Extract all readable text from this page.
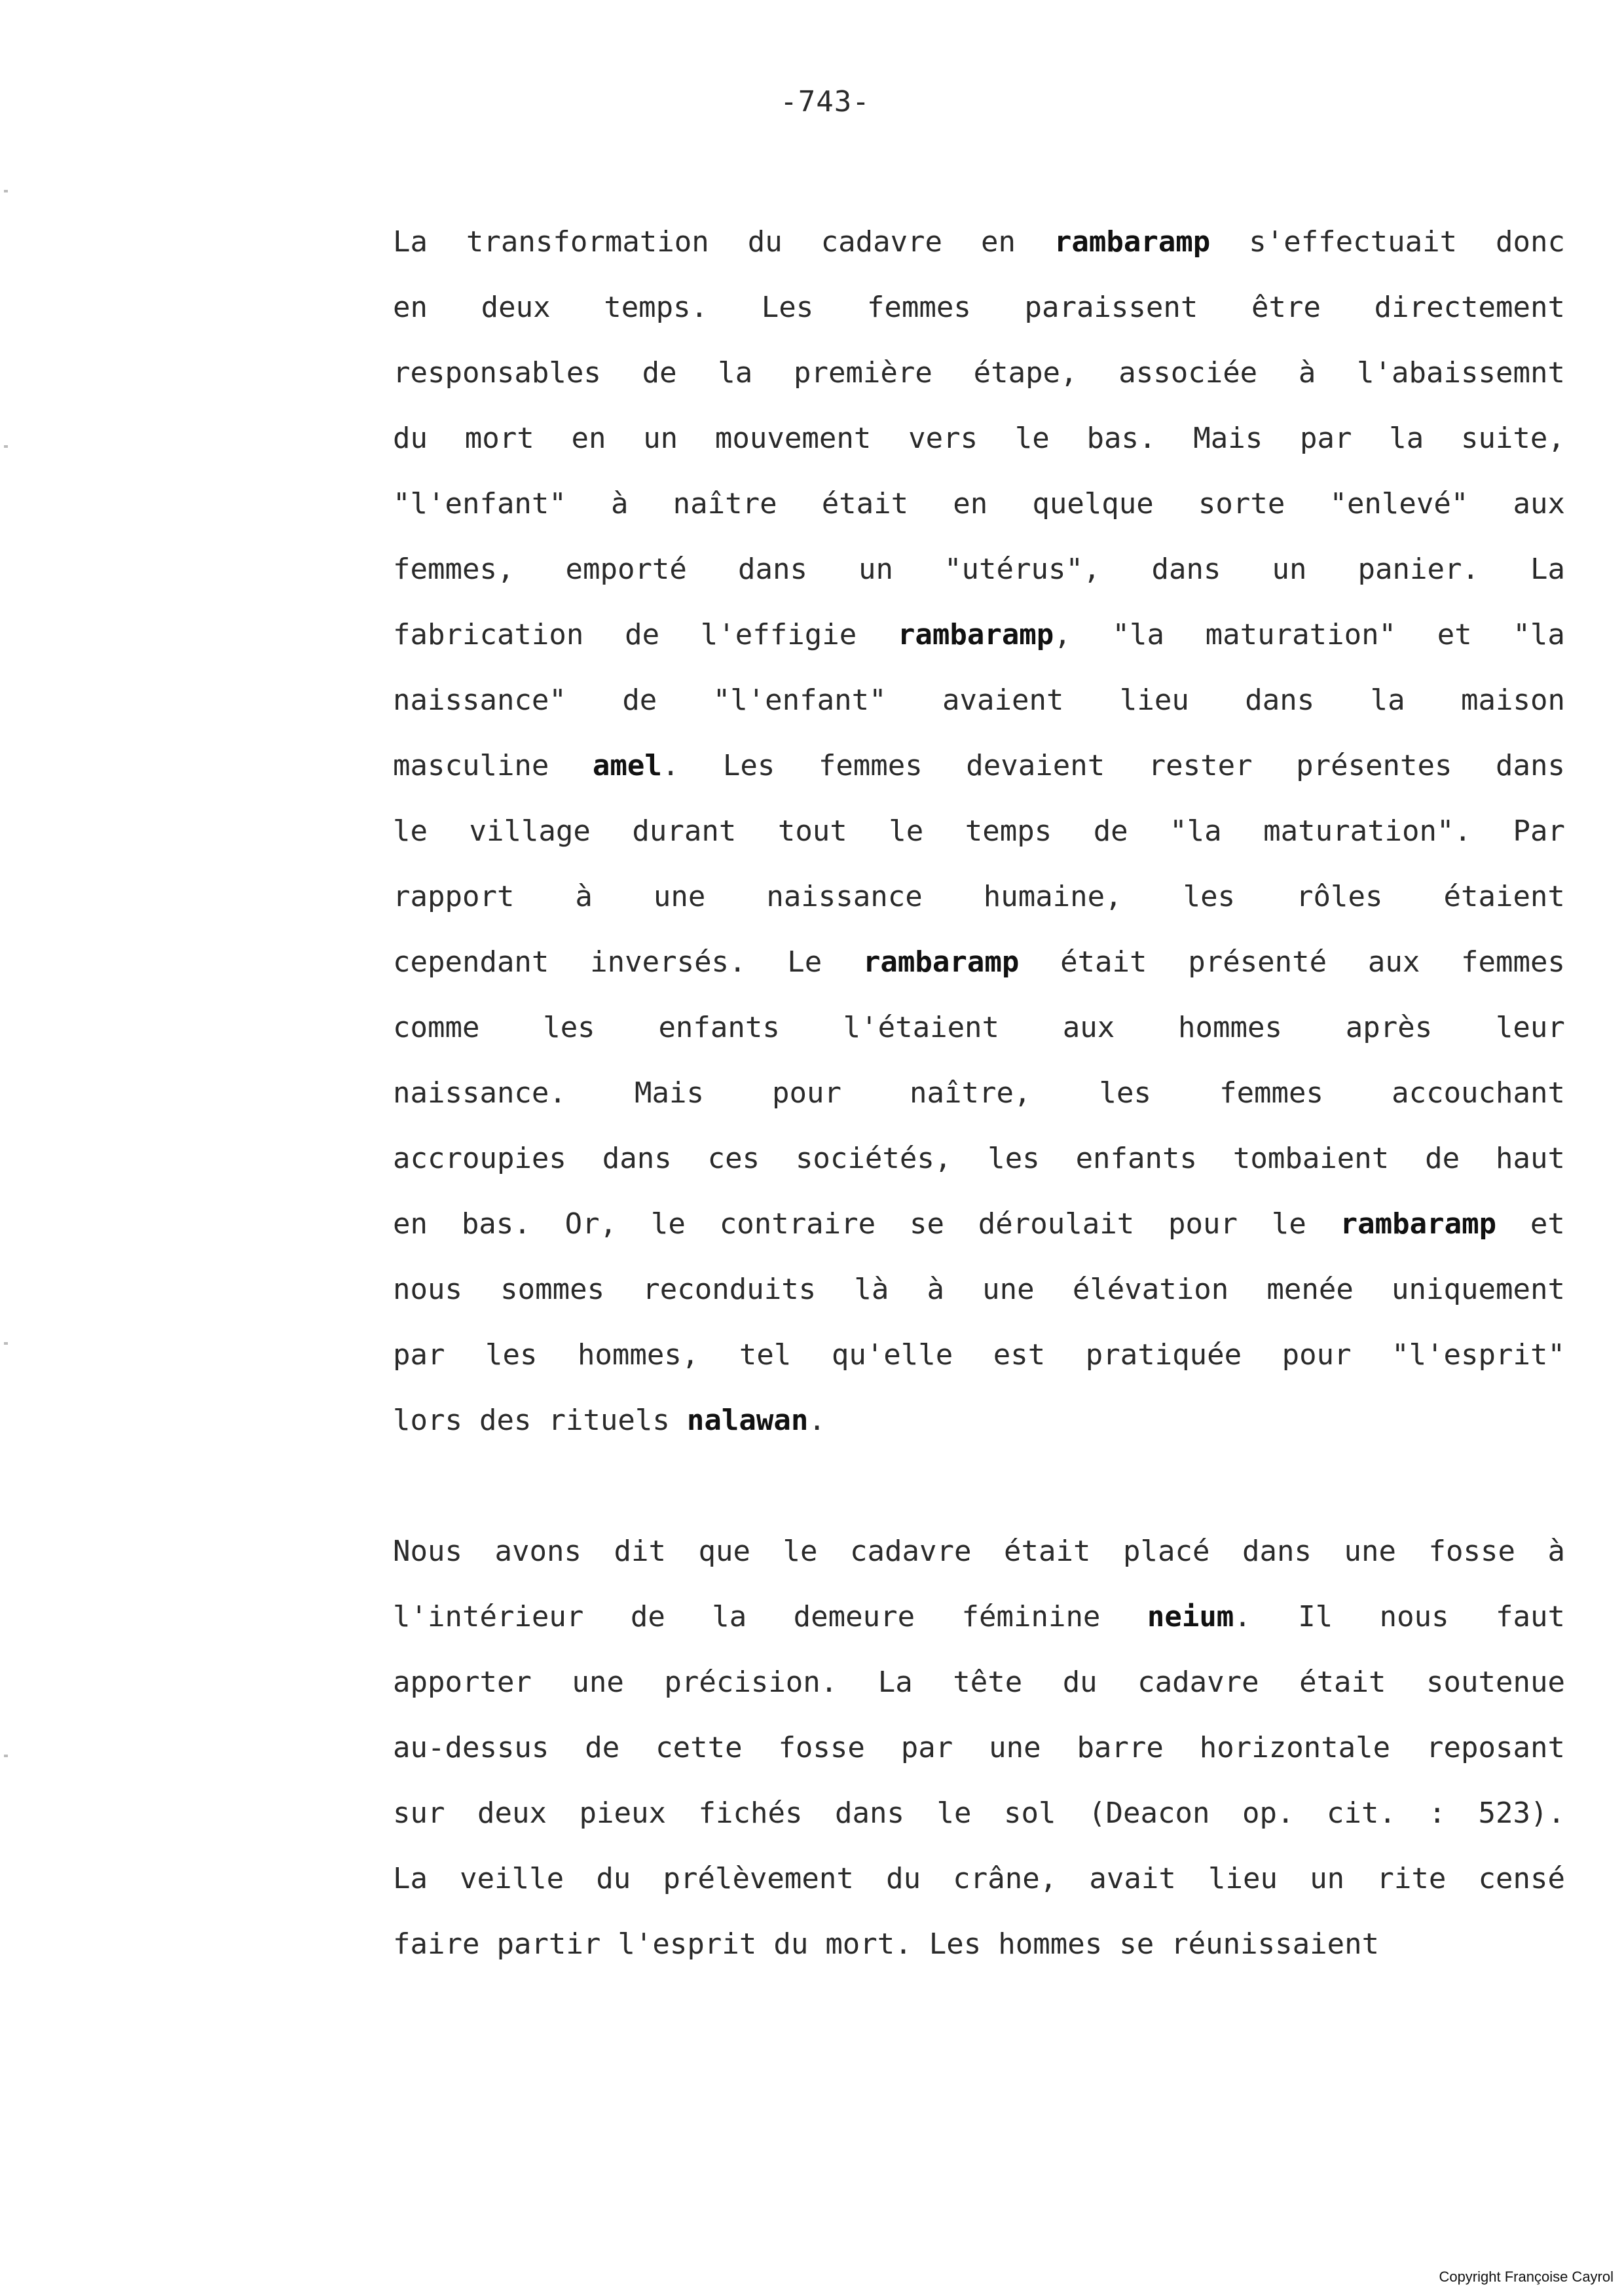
-743-
La transformation du cadavre en rambaramp s'effectuait donc
en deux temps. Les femmes paraissent être directement
responsables de la première étape, associée à l'abaissemnt
du mort en un mouvement vers le bas. Mais par la suite,
"l'enfant" à naître était en quelque sorte "enlevé" aux
femmes, emporté dans un "utérus", dans un panier. La
fabrication de l'effigie rambaramp, "la maturation" et "la
naissance" de "l'enfant" avaient lieu dans la maison
masculine amel. Les femmes devaient rester présentes dans
le village durant tout le temps de "la maturation". Par
rapport à une naissance humaine, les rôles étaient
cependant inversés. Le rambaramp était présenté aux femmes
comme les enfants l'étaient aux hommes après leur
naissance. Mais pour naître, les femmes accouchant
accroupies dans ces sociétés, les enfants tombaient de haut
en bas. Or, le contraire se déroulait pour le rambaramp et
nous sommes reconduits là à une élévation menée uniquement
par les hommes, tel qu'elle est pratiquée pour "l'esprit"
lors des rituels nalawan.
Nous avons dit que le cadavre était placé dans une fosse à
l'intérieur de la demeure féminine neium. Il nous faut
apporter une précision. La tête du cadavre était soutenue
au-dessus de cette fosse par une barre horizontale reposant
sur deux pieux fichés dans le sol (Deacon op. cit. : 523).
La veille du prélèvement du crâne, avait lieu un rite censé
faire partir l'esprit du mort. Les hommes se réunissaient
Copyright Françoise Cayrol
